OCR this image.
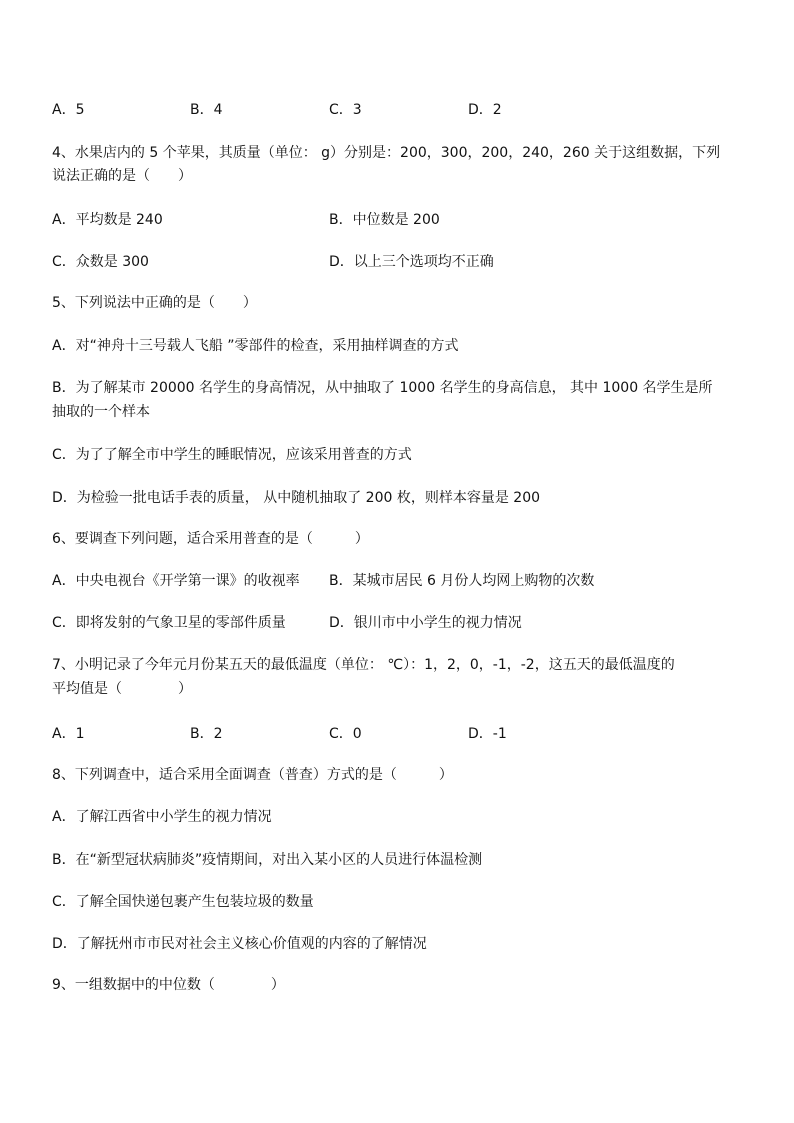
A．5	B．4	C．3	D．2
4、水果店内的 5 个苹果，其质量（单位： g）分别是：200，300，200，240，260 关于这组数据，下列
说法正确的是（　　）
A．平均数是 240	B．中位数是 200
C．众数是 300	D．以上三个选项均不正确
5、下列说法中正确的是（　　）
A．对“神舟十三号载人飞船 ”零部件的检查，采用抽样调查的方式
B．为了解某市 20000 名学生的身高情况，从中抽取了 1000 名学生的身高信息， 其中 1000 名学生是所
抽取的一个样本
C．为了了解全市中学生的睡眠情况，应该采用普查的方式
D．为检验一批电话手表的质量， 从中随机抽取了 200 枚，则样本容量是 200
6、要调查下列问题，适合采用普查的是（　　　）
A．中央电视台《开学第一课》的收视率 B．某城市居民 6 月份人均网上购物的次数
C．即将发射的气象卫星的零部件质量	D．银川市中小学生的视力情况
7、小明记录了今年元月份某五天的最低温度（单位： ℃）：1，2，0，-1，-2，这五天的最低温度的
平均值是（　　　　）
A．1	B．2	C．0	D．-1
8、下列调查中，适合采用全面调查（普查）方式的是（　　　）
A．了解江西省中小学生的视力情况
B．在“新型冠状病肺炎”疫情期间，对出入某小区的人员进行体温检测
C．了解全国快递包裹产生包装垃圾的数量
D．了解抚州市市民对社会主义核心价值观的内容的了解情况
9、一组数据中的中位数（　　　　）
